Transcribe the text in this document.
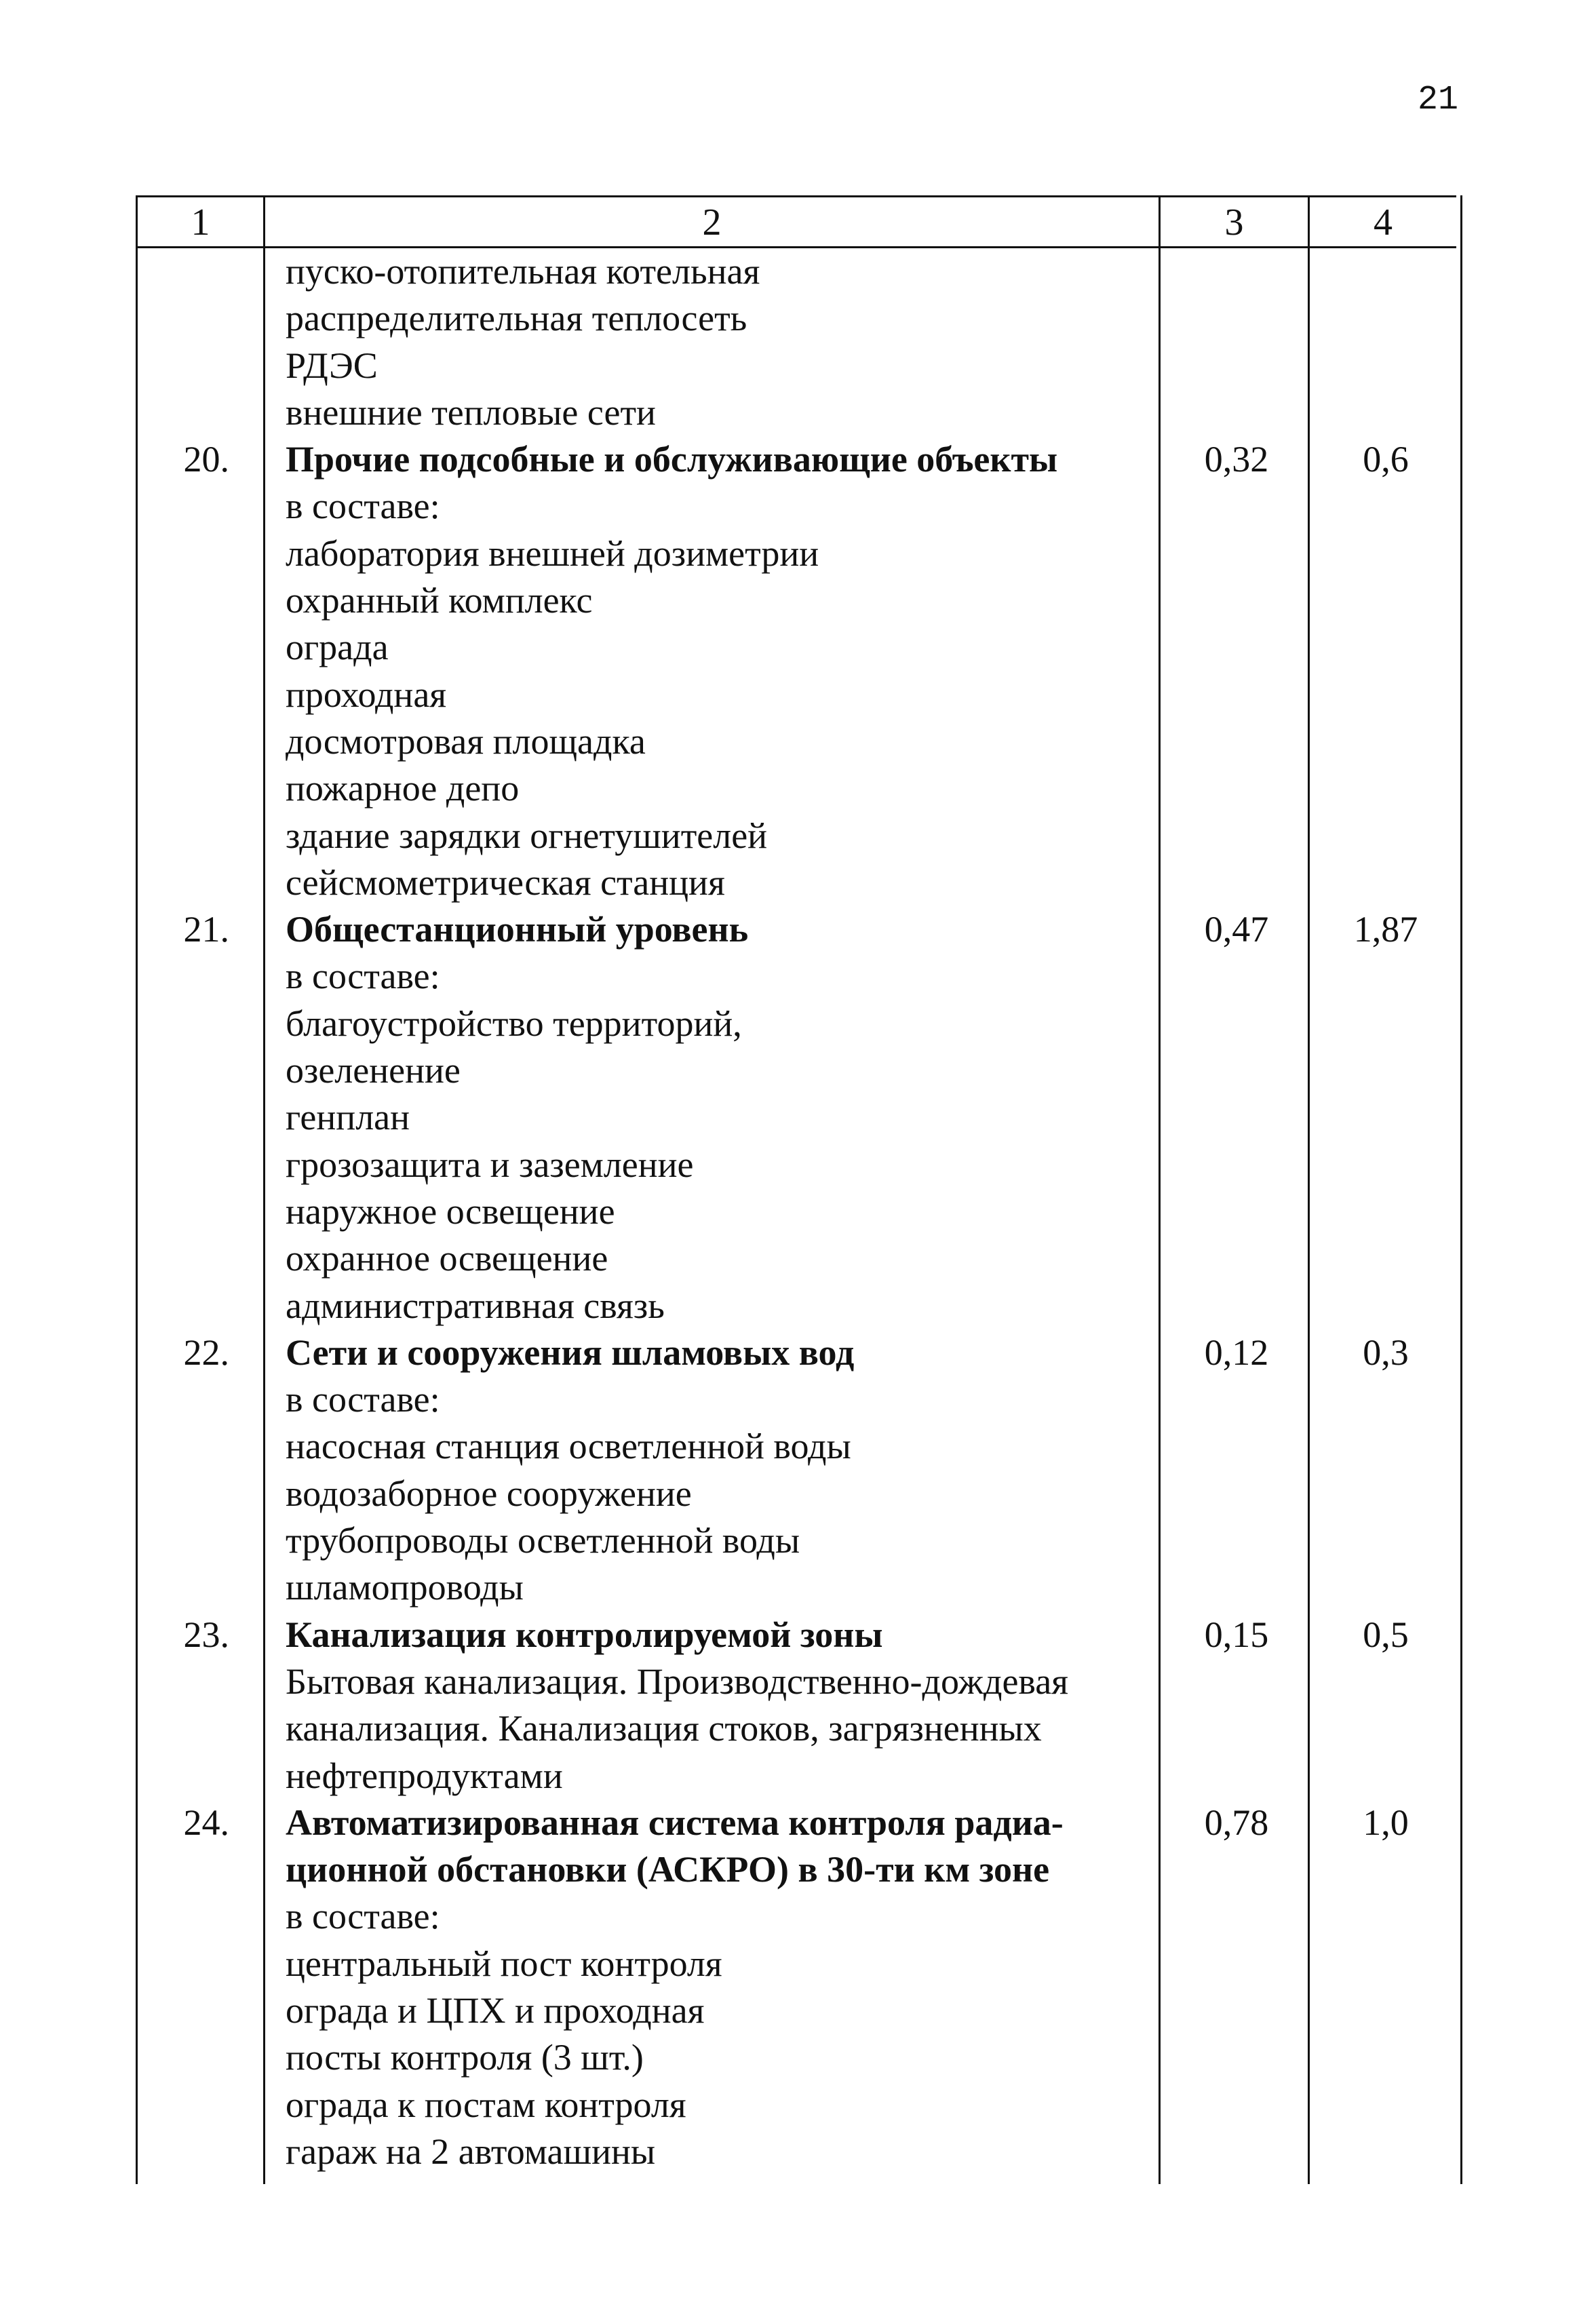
21
1	2	3	4
пуско-отопительная котельная
распределительная теплосеть
РДЭС
внешние тепловые сети
20. Прочие подсобные и обслуживающие объекты	0,32	0,6
в составе:
лаборатория внешней дозиметрии
охранный комплекс
ограда
проходная
досмотровая площадка
пожарное депо
здание зарядки огнетушителей
сейсмометрическая станция
21. Общестанционный уровень	0,47	1,87
в составе:
благоустройство территорий,
озеленение
генплан
грозозащита и заземление
наружное освещение
охранное освещение
административная связь
22. Сети и сооружения шламовых вод	0,12	0,3
в составе:
насосная станция осветленной воды
водозаборное сооружение
трубопроводы осветленной воды
шламопроводы
23. Канализация контролируемой зоны	0,15	0,5
Бытовая канализация. Производственно-дождевая
канализация. Канализация стоков, загрязненных
нефтепродуктами
24. Автоматизированная система контроля радиа-	0,78	1,0
ционной обстановки (АСКРО) в 30-ти км зоне
в составе:
центральный пост контроля
ограда и ЦПХ и проходная
посты контроля (3 шт.)
ограда к постам контроля
гараж на 2 автомашины
